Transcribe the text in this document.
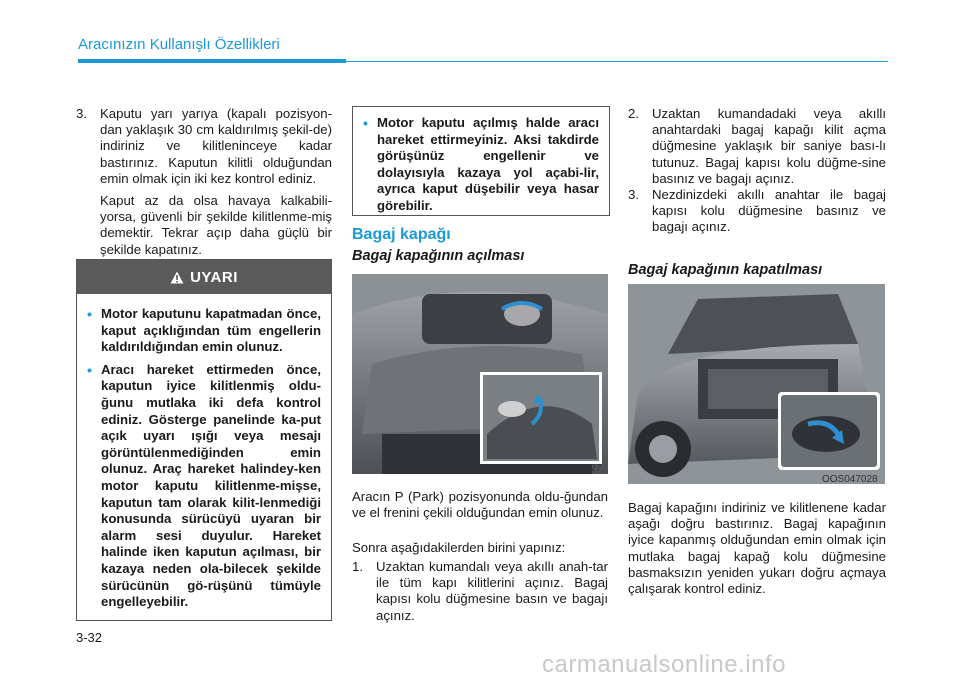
Aracınızın Kullanışlı Özellikleri
3. Kaputu yarı yarıya (kapalı pozisyon-dan yaklaşık 30 cm kaldırılmış şekil-de) indiriniz ve kilitleninceye kadar bastırınız. Kaputun kilitli olduğundan emin olmak için iki kez kontrol ediniz.
Kaput az da olsa havaya kalkabili-yorsa, güvenli bir şekilde kilitlenme-miş demektir. Tekrar açıp daha güçlü bir şekilde kapatınız.
UYARI
• Motor kaputunu kapatmadan önce, kaput açıklığından tüm engellerin kaldırıldığından emin olunuz.
• Aracı hareket ettirmeden önce, kaputun iyice kilitlenmiş oldu-ğunu mutlaka iki defa kontrol ediniz. Gösterge panelinde ka-put açık uyarı ışığı veya mesajı görüntülenmediğinden emin olunuz. Araç hareket halindey-ken motor kaputu kilitlenme-mişse, kaputun tam olarak kilit-lenmediği konusunda sürücüyü uyaran bir alarm sesi duyulur. Hareket halinde iken kaputun açılması, bir kazaya neden ola-bilecek şekilde sürücünün gö-rüşünü tümüyle engelleyebilir.
• Motor kaputu açılmış halde aracı hareket ettirmeyiniz. Aksi takdirde görüşünüz engellenir ve dolayısıyla kazaya yol açabi-lir, ayrıca kaput düşebilir veya hasar görebilir.
Bagaj kapağı
Bagaj kapağının açılması
OOS047027

Aracın P (Park) pozisyonunda oldu-ğundan ve el frenini çekili olduğundan emin olunuz.

Sonra aşağıdakilerden birini yapınız:

1. Uzaktan kumandalı veya akıllı anah-tar ile tüm kapı kilitlerini açınız. Bagaj kapısı kolu düğmesine basın ve bagajı açınız.
2. Uzaktan kumandadaki veya akıllı anahtardaki bagaj kapağı kilit açma düğmesine yaklaşık bir saniye bası-lı tutunuz. Bagaj kapısı kolu düğme-sine basınız ve bagajı açınız.
3. Nezdinizdeki akıllı anahtar ile bagaj kapısı kolu düğmesine basınız ve bagajı açınız.
Bagaj kapağının kapatılması
OOS047028

Bagaj kapağını indiriniz ve kilitlenene kadar aşağı doğru bastırınız. Bagaj kapağının iyice kapanmış olduğundan emin olmak için mutlaka bagaj kapağ kolu düğmesine basmaksızın yeniden yukarı doğru açmaya çalışarak kontrol ediniz.

3-32
carmanualsonline.info
